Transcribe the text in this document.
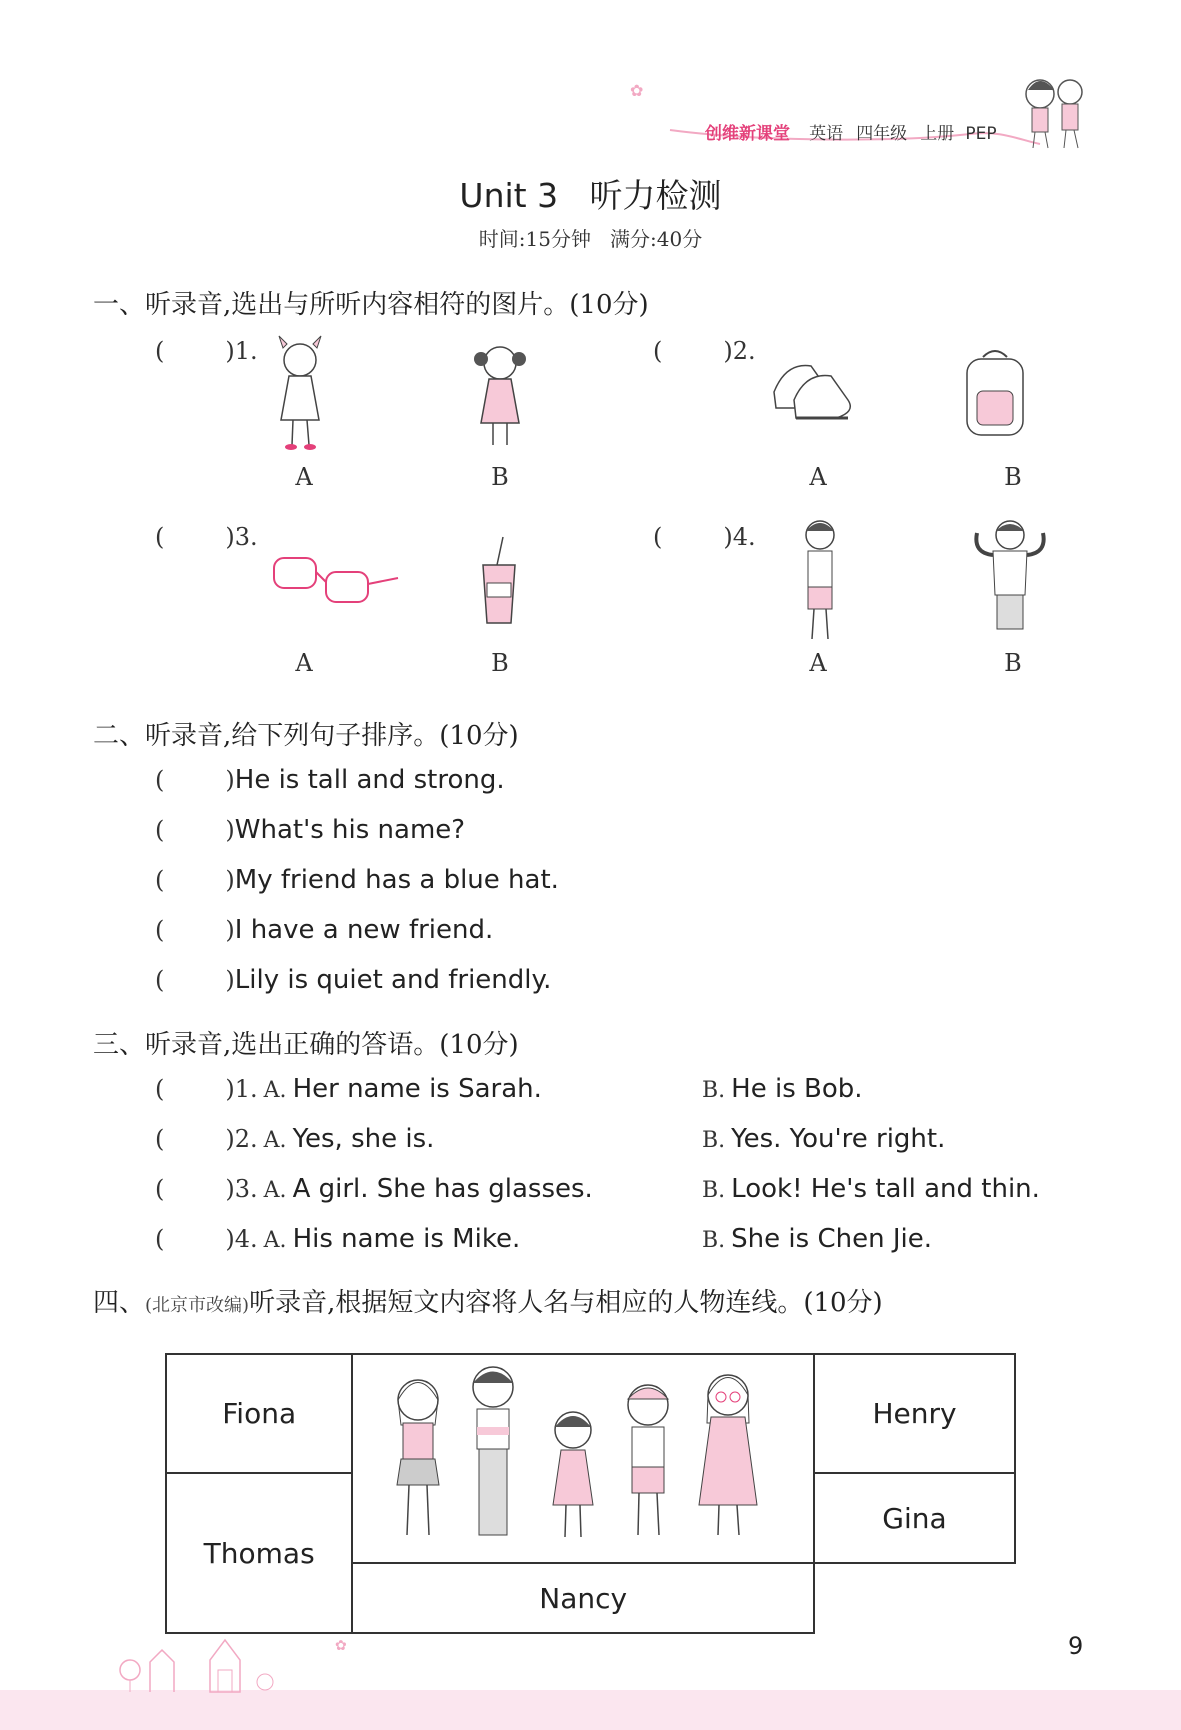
✿
创维新课堂 英语 四年级 上册 PEP
Unit 3   听力检测
时间:15分钟   满分:40分
一、听录音,选出与所听内容相符的图片。(10分)
(        )1.
A	B
(        )2.
A	B
(        )3.
A	B
(        )4.
A	B
二、听录音,给下列句子排序。(10分)
(        )He is tall and strong.
(        )What's his name?
(        )My friend has a blue hat.
(        )I have a new friend.
(        )Lily is quiet and friendly.
三、听录音,选出正确的答语。(10分)
(        )1. A. Her name is Sarah.	B. He is Bob.
(        )2. A. Yes, she is.	B. Yes. You're right.
(        )3. A. A girl. She has glasses.	B. Look! He's tall and thin.
(        )4. A. His name is Mike.	B. She is Chen Jie.
四、(北京市改编)听录音,根据短文内容将人名与相应的人物连线。(10分)
Fiona		Henry
Thomas		Gina
	Nancy	
✿	9
